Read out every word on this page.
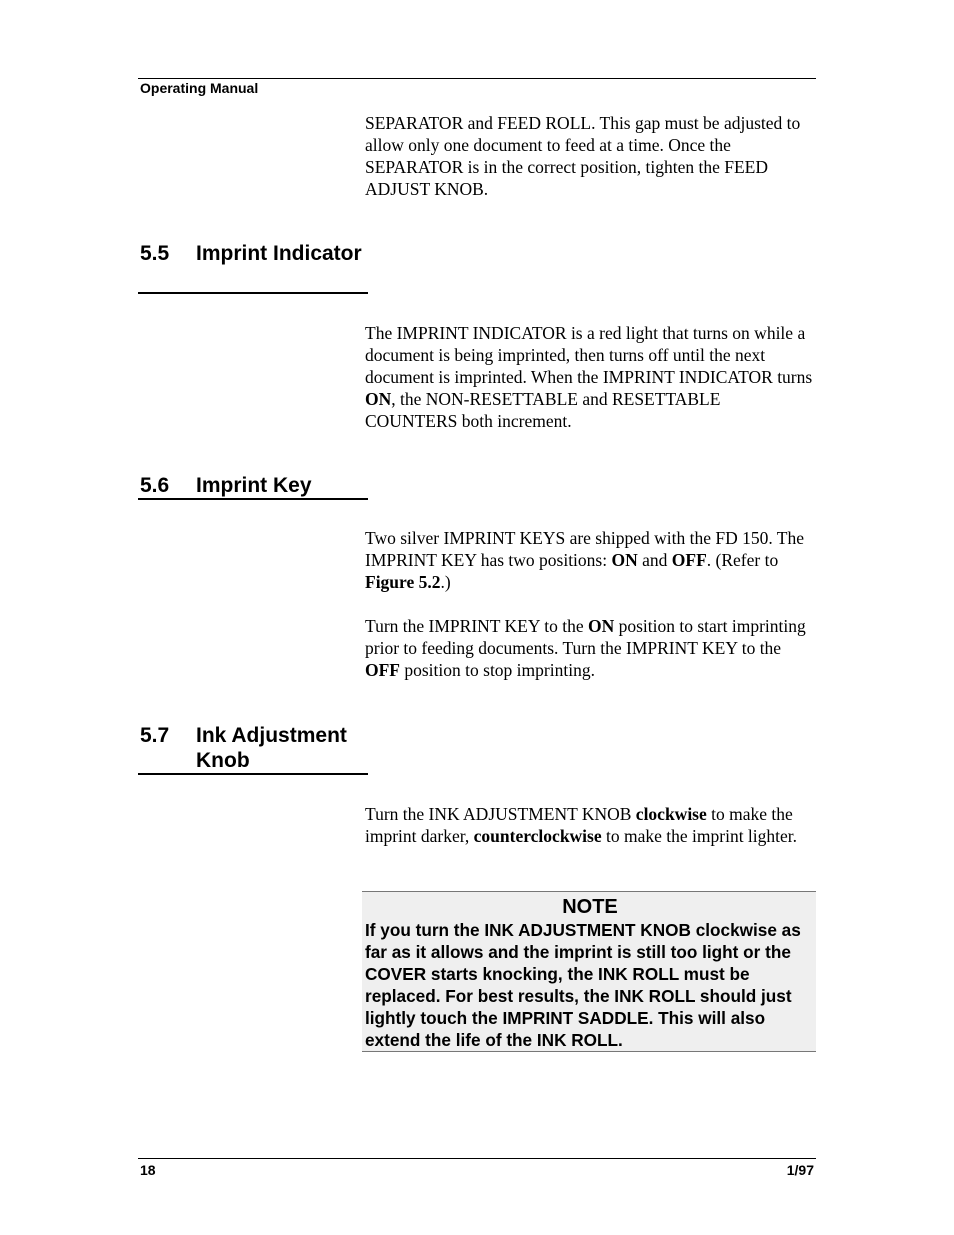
Operating Manual

SEPARATOR and FEED ROLL. This gap must be adjusted to allow only one document to feed at a time. Once the SEPARATOR is in the correct position, tighten the FEED ADJUST KNOB.

5.5	Imprint Indicator

The IMPRINT INDICATOR is a red light that turns on while a document is being imprinted, then turns off until the next document is imprinted. When the IMPRINT INDICATOR turns ON, the NON-RESETTABLE and RESETTABLE COUNTERS both increment.

5.6	Imprint Key

Two silver IMPRINT KEYS are shipped with the FD 150. The IMPRINT KEY has two positions: ON and OFF. (Refer to Figure 5.2.)

Turn the IMPRINT KEY to the ON position to start imprinting prior to feeding documents. Turn the IMPRINT KEY to the OFF position to stop imprinting.

5.7	Ink Adjustment Knob

Turn the INK ADJUSTMENT KNOB clockwise to make the imprint darker, counterclockwise to make the imprint lighter.

NOTE

If you turn the INK ADJUSTMENT KNOB clockwise as far as it allows and the imprint is still too light or the COVER starts knocking, the INK ROLL must be replaced. For best results, the INK ROLL should just lightly touch the IMPRINT SADDLE. This will also extend the life of the INK ROLL.

18	1/97
